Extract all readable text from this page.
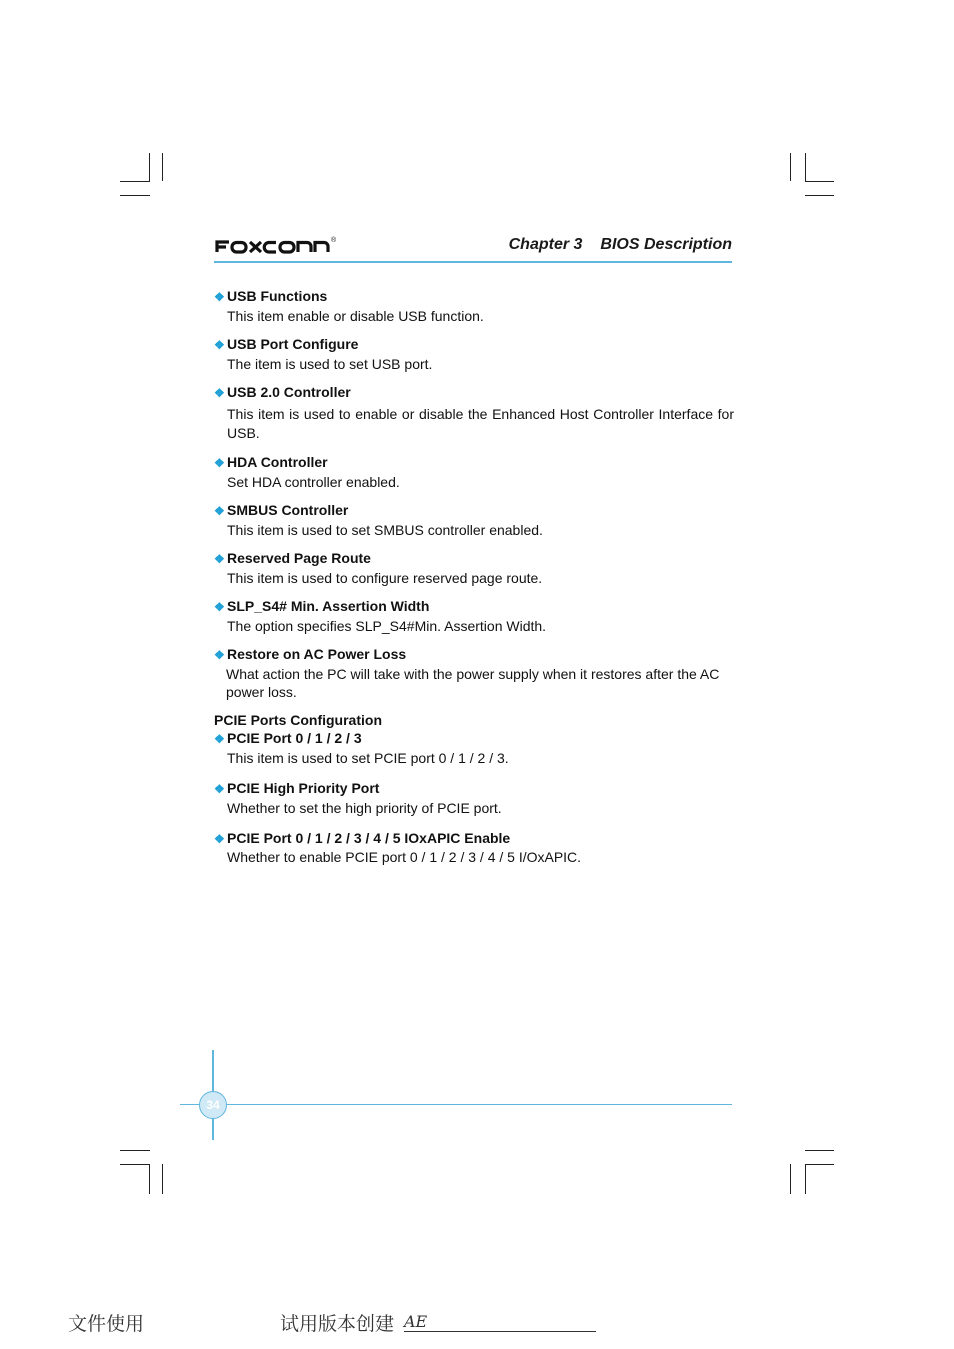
®	Chapter 3 BIOS Description
❖ USB Functions
This item enable or disable USB function.
❖ USB Port Configure
The item is used to set USB port.
❖ USB 2.0 Controller
This item is used to enable or disable the Enhanced Host Controller Interface for USB.
❖ HDA Controller
Set HDA controller enabled.
❖ SMBUS Controller
This item is used to set SMBUS controller enabled.
❖ Reserved Page Route
This item is used to configure reserved page route.
❖ SLP_S4# Min. Assertion Width
The option specifies SLP_S4#Min. Assertion Width.
❖ Restore on AC Power Loss
What action the PC will take with the power supply when it restores after the AC power loss.
PCIE Ports Configuration
❖ PCIE Port 0 / 1 / 2 / 3
This item is used to set PCIE port 0 / 1 / 2 / 3.
❖ PCIE High Priority Port
Whether to set the high priority of PCIE port.
❖ PCIE Port 0 / 1 / 2 / 3 / 4 / 5 IOxAPIC Enable
Whether to enable PCIE port 0 / 1 / 2 / 3 / 4 / 5 I/OxAPIC.
34
文件使用	试用版本创建 AE
